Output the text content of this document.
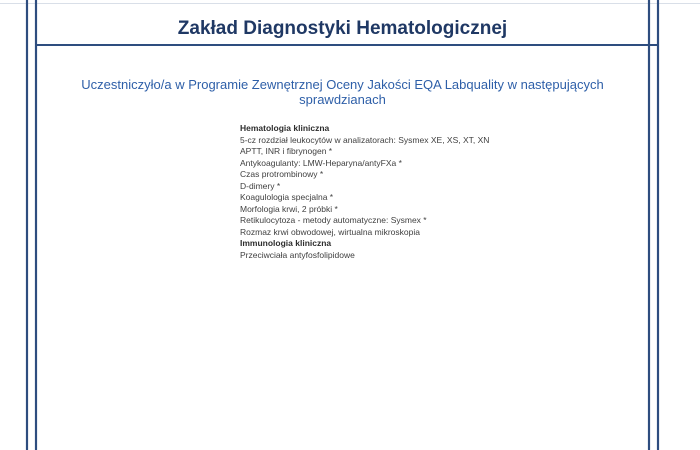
Zakład Diagnostyki Hematologicznej
Uczestniczyło/a w Programie Zewnętrznej Oceny Jakości EQA Labquality w następujących
sprawdzianach
Hematologia kliniczna
5-cz rozdział leukocytów w analizatorach: Sysmex XE, XS, XT, XN
APTT, INR i fibrynogen *
Antykoagulanty: LMW-Heparyna/antyFXa *
Czas protrombinowy *
D-dimery *
Koagulologia specjalna *
Morfologia krwi, 2 próbki *
Retikulocytoza - metody automatyczne: Sysmex *
Rozmaz krwi obwodowej, wirtualna mikroskopia
Immunologia kliniczna
Przeciwciała antyfosfolipidowe
